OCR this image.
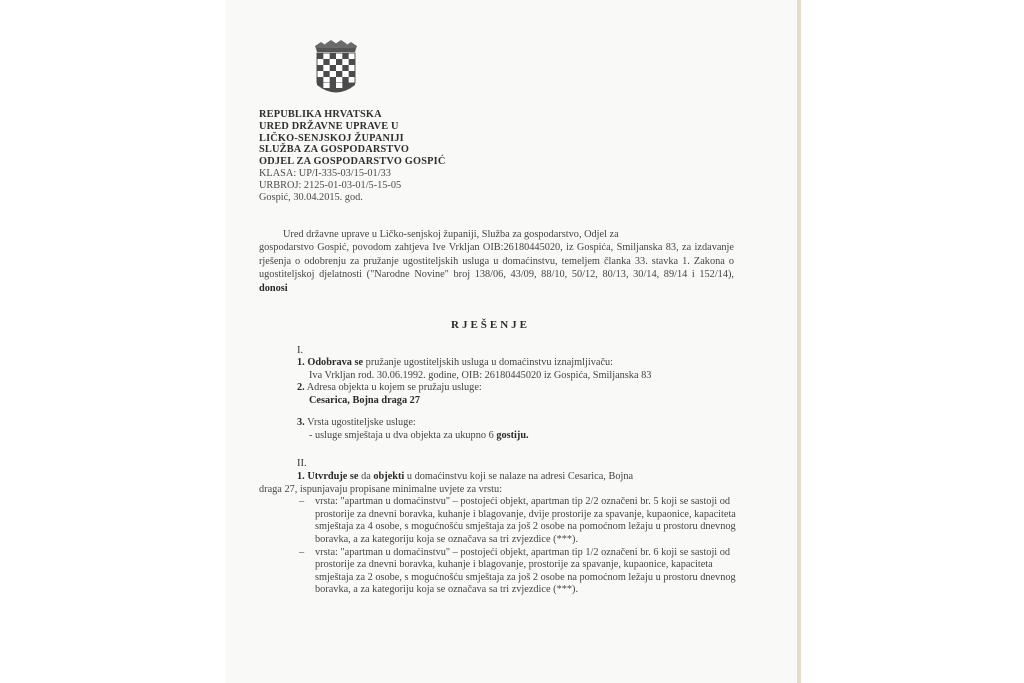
REPUBLIKA HRVATSKA
URED DRŽAVNE UPRAVE U
LIČKO-SENJSKOJ ŽUPANIJI
SLUŽBA ZA GOSPODARSTVO
ODJEL ZA GOSPODARSTVO GOSPIĆ
KLASA: UP/I-335-03/15-01/33
URBROJ: 2125-01-03-01/5-15-05
Gospić, 30.04.2015. god.
Ured državne uprave u Ličko-senjskoj županiji, Služba za gospodarstvo, Odjel za
gospodarstvo Gospić, povodom zahtjeva Ive Vrkljan OIB:26180445020, iz Gospića, Smiljanska 83, za izdavanje rješenja o odobrenju za pružanje ugostiteljskih usluga u domaćinstvu, temeljem članka 33. stavka 1. Zakona o ugostiteljskoj djelatnosti ("Narodne Novine" broj 138/06, 43/09, 88/10, 50/12, 80/13, 30/14, 89/14 i 152/14), donosi
RJEŠENJE
I.
1. Odobrava se pružanje ugostiteljskih usluga u domaćinstvu iznajmljivaču:
Iva Vrkljan rod. 30.06.1992. godine, OIB: 26180445020 iz Gospića, Smiljanska 83
2. Adresa objekta u kojem se pružaju usluge:
Cesarica, Bojna draga 27
3. Vrsta ugostiteljske usluge:
- usluge smještaja u dva objekta za ukupno 6 gostiju.
II.
1. Utvrđuje se da objekti u domaćinstvu koji se nalaze na adresi Cesarica, Bojna
draga 27, ispunjavaju propisane minimalne uvjete za vrstu:
– vrsta: "apartman u domaćinstvu" – postojeći objekt, apartman tip 2/2 označeni br. 5 koji se sastoji od prostorije za dnevni boravka, kuhanje i blagovanje, dvije prostorije za spavanje, kupaonice, kapaciteta smještaja za 4 osobe, s mogućnošću smještaja za još 2 osobe na pomoćnom ležaju u prostoru dnevnog boravka, a za kategoriju koja se označava sa tri zvjezdice (***).
– vrsta: "apartman u domaćinstvu" – postojeći objekt, apartman tip 1/2 označeni br. 6 koji se sastoji od prostorije za dnevni boravka, kuhanje i blagovanje, prostorije za spavanje, kupaonice, kapaciteta smještaja za 2 osobe, s mogućnošću smještaja za još 2 osobe na pomoćnom ležaju u prostoru dnevnog boravka, a za kategoriju koja se označava sa tri zvjezdice (***).
